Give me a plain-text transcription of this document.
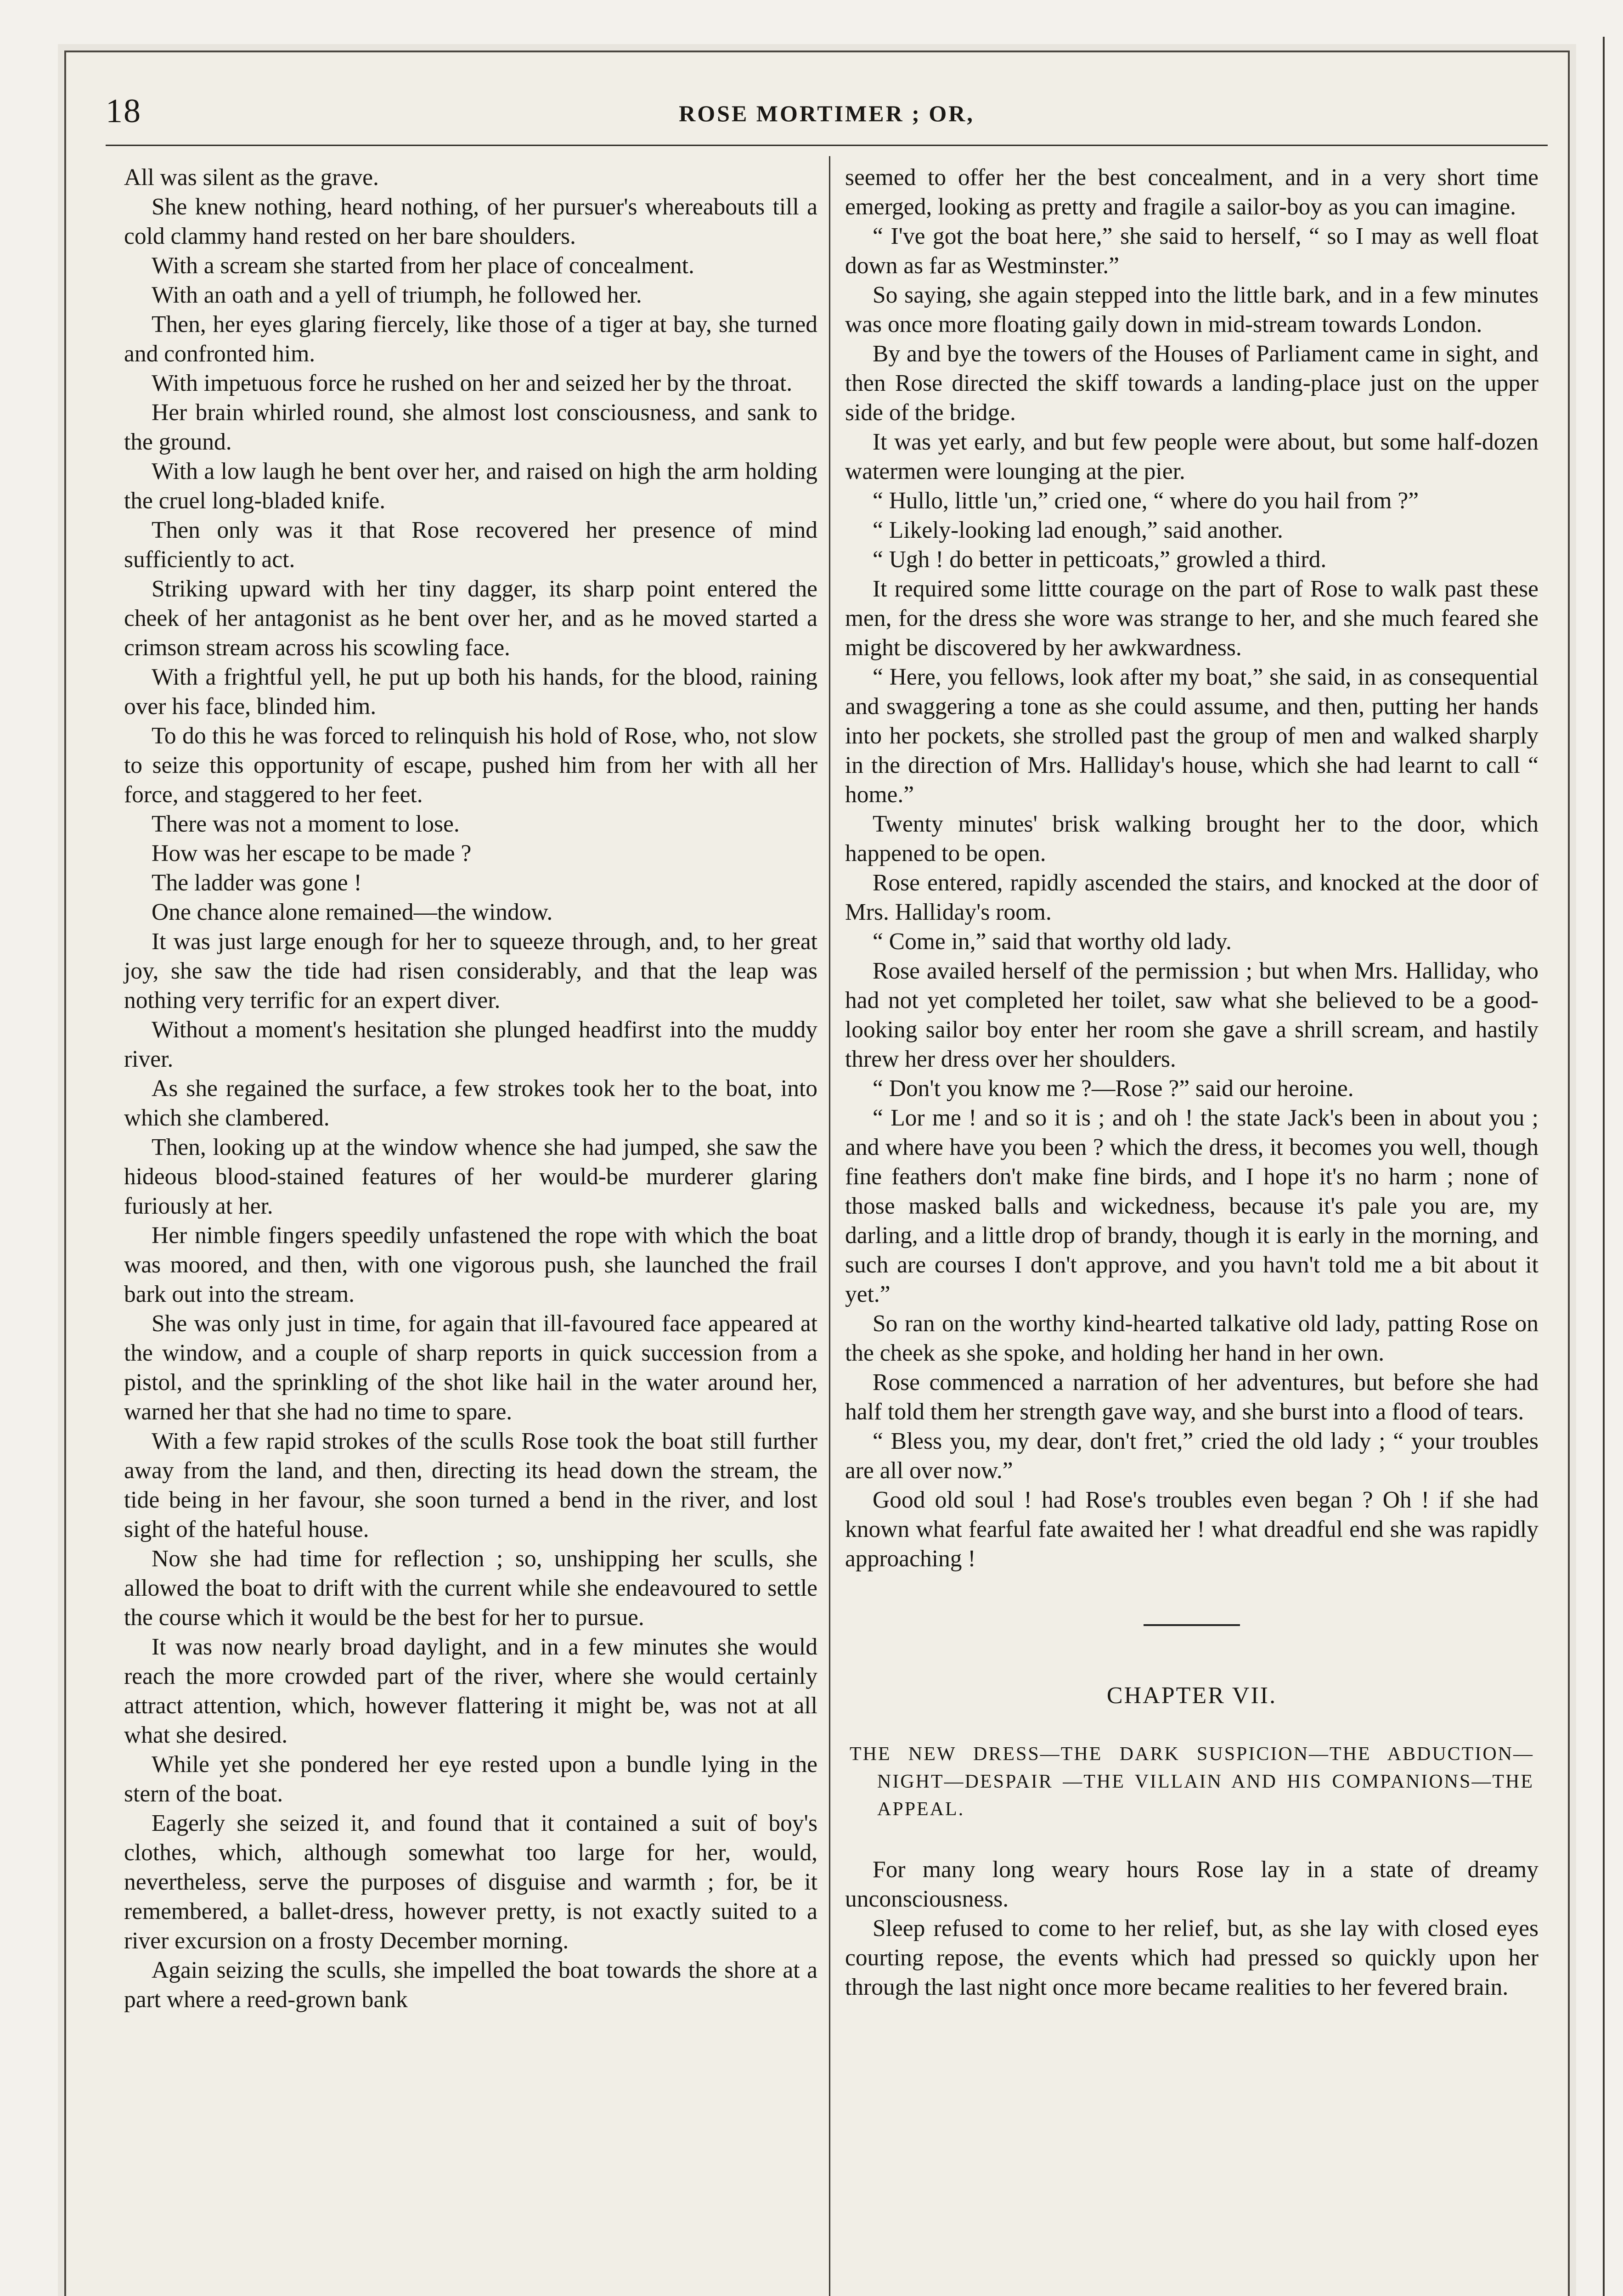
18	ROSE MORTIMER ; OR,

All was silent as the grave.

She knew nothing, heard nothing, of her pursuer's whereabouts till a cold clammy hand rested on her bare shoulders.

With a scream she started from her place of concealment.

With an oath and a yell of triumph, he followed her.

Then, her eyes glaring fiercely, like those of a tiger at bay, she turned and confronted him.

With impetuous force he rushed on her and seized her by the throat.

Her brain whirled round, she almost lost consciousness, and sank to the ground.

With a low laugh he bent over her, and raised on high the arm holding the cruel long-bladed knife.

Then only was it that Rose recovered her presence of mind sufficiently to act.

Striking upward with her tiny dagger, its sharp point entered the cheek of her antagonist as he bent over her, and as he moved started a crimson stream across his scowling face.

With a frightful yell, he put up both his hands, for the blood, raining over his face, blinded him.

To do this he was forced to relinquish his hold of Rose, who, not slow to seize this opportunity of escape, pushed him from her with all her force, and staggered to her feet.

There was not a moment to lose.

How was her escape to be made ?

The ladder was gone !

One chance alone remained—the window.

It was just large enough for her to squeeze through, and, to her great joy, she saw the tide had risen considerably, and that the leap was nothing very terrific for an expert diver.

Without a moment's hesitation she plunged headfirst into the muddy river.

As she regained the surface, a few strokes took her to the boat, into which she clambered.

Then, looking up at the window whence she had jumped, she saw the hideous blood-stained features of her would-be murderer glaring furiously at her.

Her nimble fingers speedily unfastened the rope with which the boat was moored, and then, with one vigorous push, she launched the frail bark out into the stream.

She was only just in time, for again that ill-favoured face appeared at the window, and a couple of sharp reports in quick succession from a pistol, and the sprinkling of the shot like hail in the water around her, warned her that she had no time to spare.

With a few rapid strokes of the sculls Rose took the boat still further away from the land, and then, directing its head down the stream, the tide being in her favour, she soon turned a bend in the river, and lost sight of the hateful house.

Now she had time for reflection ; so, unshipping her sculls, she allowed the boat to drift with the current while she endeavoured to settle the course which it would be the best for her to pursue.

It was now nearly broad daylight, and in a few minutes she would reach the more crowded part of the river, where she would certainly attract attention, which, however flattering it might be, was not at all what she desired.

While yet she pondered her eye rested upon a bundle lying in the stern of the boat.

Eagerly she seized it, and found that it contained a suit of boy's clothes, which, although somewhat too large for her, would, nevertheless, serve the purposes of disguise and warmth ; for, be it remembered, a ballet-dress, however pretty, is not exactly suited to a river excursion on a frosty December morning.

Again seizing the sculls, she impelled the boat towards the shore at a part where a reed-grown bank

seemed to offer her the best concealment, and in a very short time emerged, looking as pretty and fragile a sailor-boy as you can imagine.

“ I've got the boat here,” she said to herself, “ so I may as well float down as far as Westminster.”

So saying, she again stepped into the little bark, and in a few minutes was once more floating gaily down in mid-stream towards London.

By and bye the towers of the Houses of Parliament came in sight, and then Rose directed the skiff towards a landing-place just on the upper side of the bridge.

It was yet early, and but few people were about, but some half-dozen watermen were lounging at the pier.

“ Hullo, little 'un,” cried one, “ where do you hail from ?”

“ Likely-looking lad enough,” said another.

“ Ugh ! do better in petticoats,” growled a third.

It required some littte courage on the part of Rose to walk past these men, for the dress she wore was strange to her, and she much feared she might be discovered by her awkwardness.

“ Here, you fellows, look after my boat,” she said, in as consequential and swaggering a tone as she could assume, and then, putting her hands into her pockets, she strolled past the group of men and walked sharply in the direction of Mrs. Halliday's house, which she had learnt to call “ home.”

Twenty minutes' brisk walking brought her to the door, which happened to be open.

Rose entered, rapidly ascended the stairs, and knocked at the door of Mrs. Halliday's room.

“ Come in,” said that worthy old lady.

Rose availed herself of the permission ; but when Mrs. Halliday, who had not yet completed her toilet, saw what she believed to be a good-looking sailor boy enter her room she gave a shrill scream, and hastily threw her dress over her shoulders.

“ Don't you know me ?—Rose ?” said our heroine.

“ Lor me ! and so it is ; and oh ! the state Jack's been in about you ; and where have you been ? which the dress, it becomes you well, though fine feathers don't make fine birds, and I hope it's no harm ; none of those masked balls and wickedness, because it's pale you are, my darling, and a little drop of brandy, though it is early in the morning, and such are courses I don't approve, and you havn't told me a bit about it yet.”

So ran on the worthy kind-hearted talkative old lady, patting Rose on the cheek as she spoke, and holding her hand in her own.

Rose commenced a narration of her adventures, but before she had half told them her strength gave way, and she burst into a flood of tears.

“ Bless you, my dear, don't fret,” cried the old lady ; “ your troubles are all over now.”

Good old soul ! had Rose's troubles even began ? Oh ! if she had known what fearful fate awaited her ! what dreadful end she was rapidly approaching !

CHAPTER VII.
THE NEW DRESS—THE DARK SUSPICION—THE ABDUCTION—NIGHT—DESPAIR —THE VILLAIN AND HIS COMPANIONS—THE APPEAL.

For many long weary hours Rose lay in a state of dreamy unconsciousness.

Sleep refused to come to her relief, but, as she lay with closed eyes courting repose, the events which had pressed so quickly upon her through the last night once more became realities to her fevered brain.
